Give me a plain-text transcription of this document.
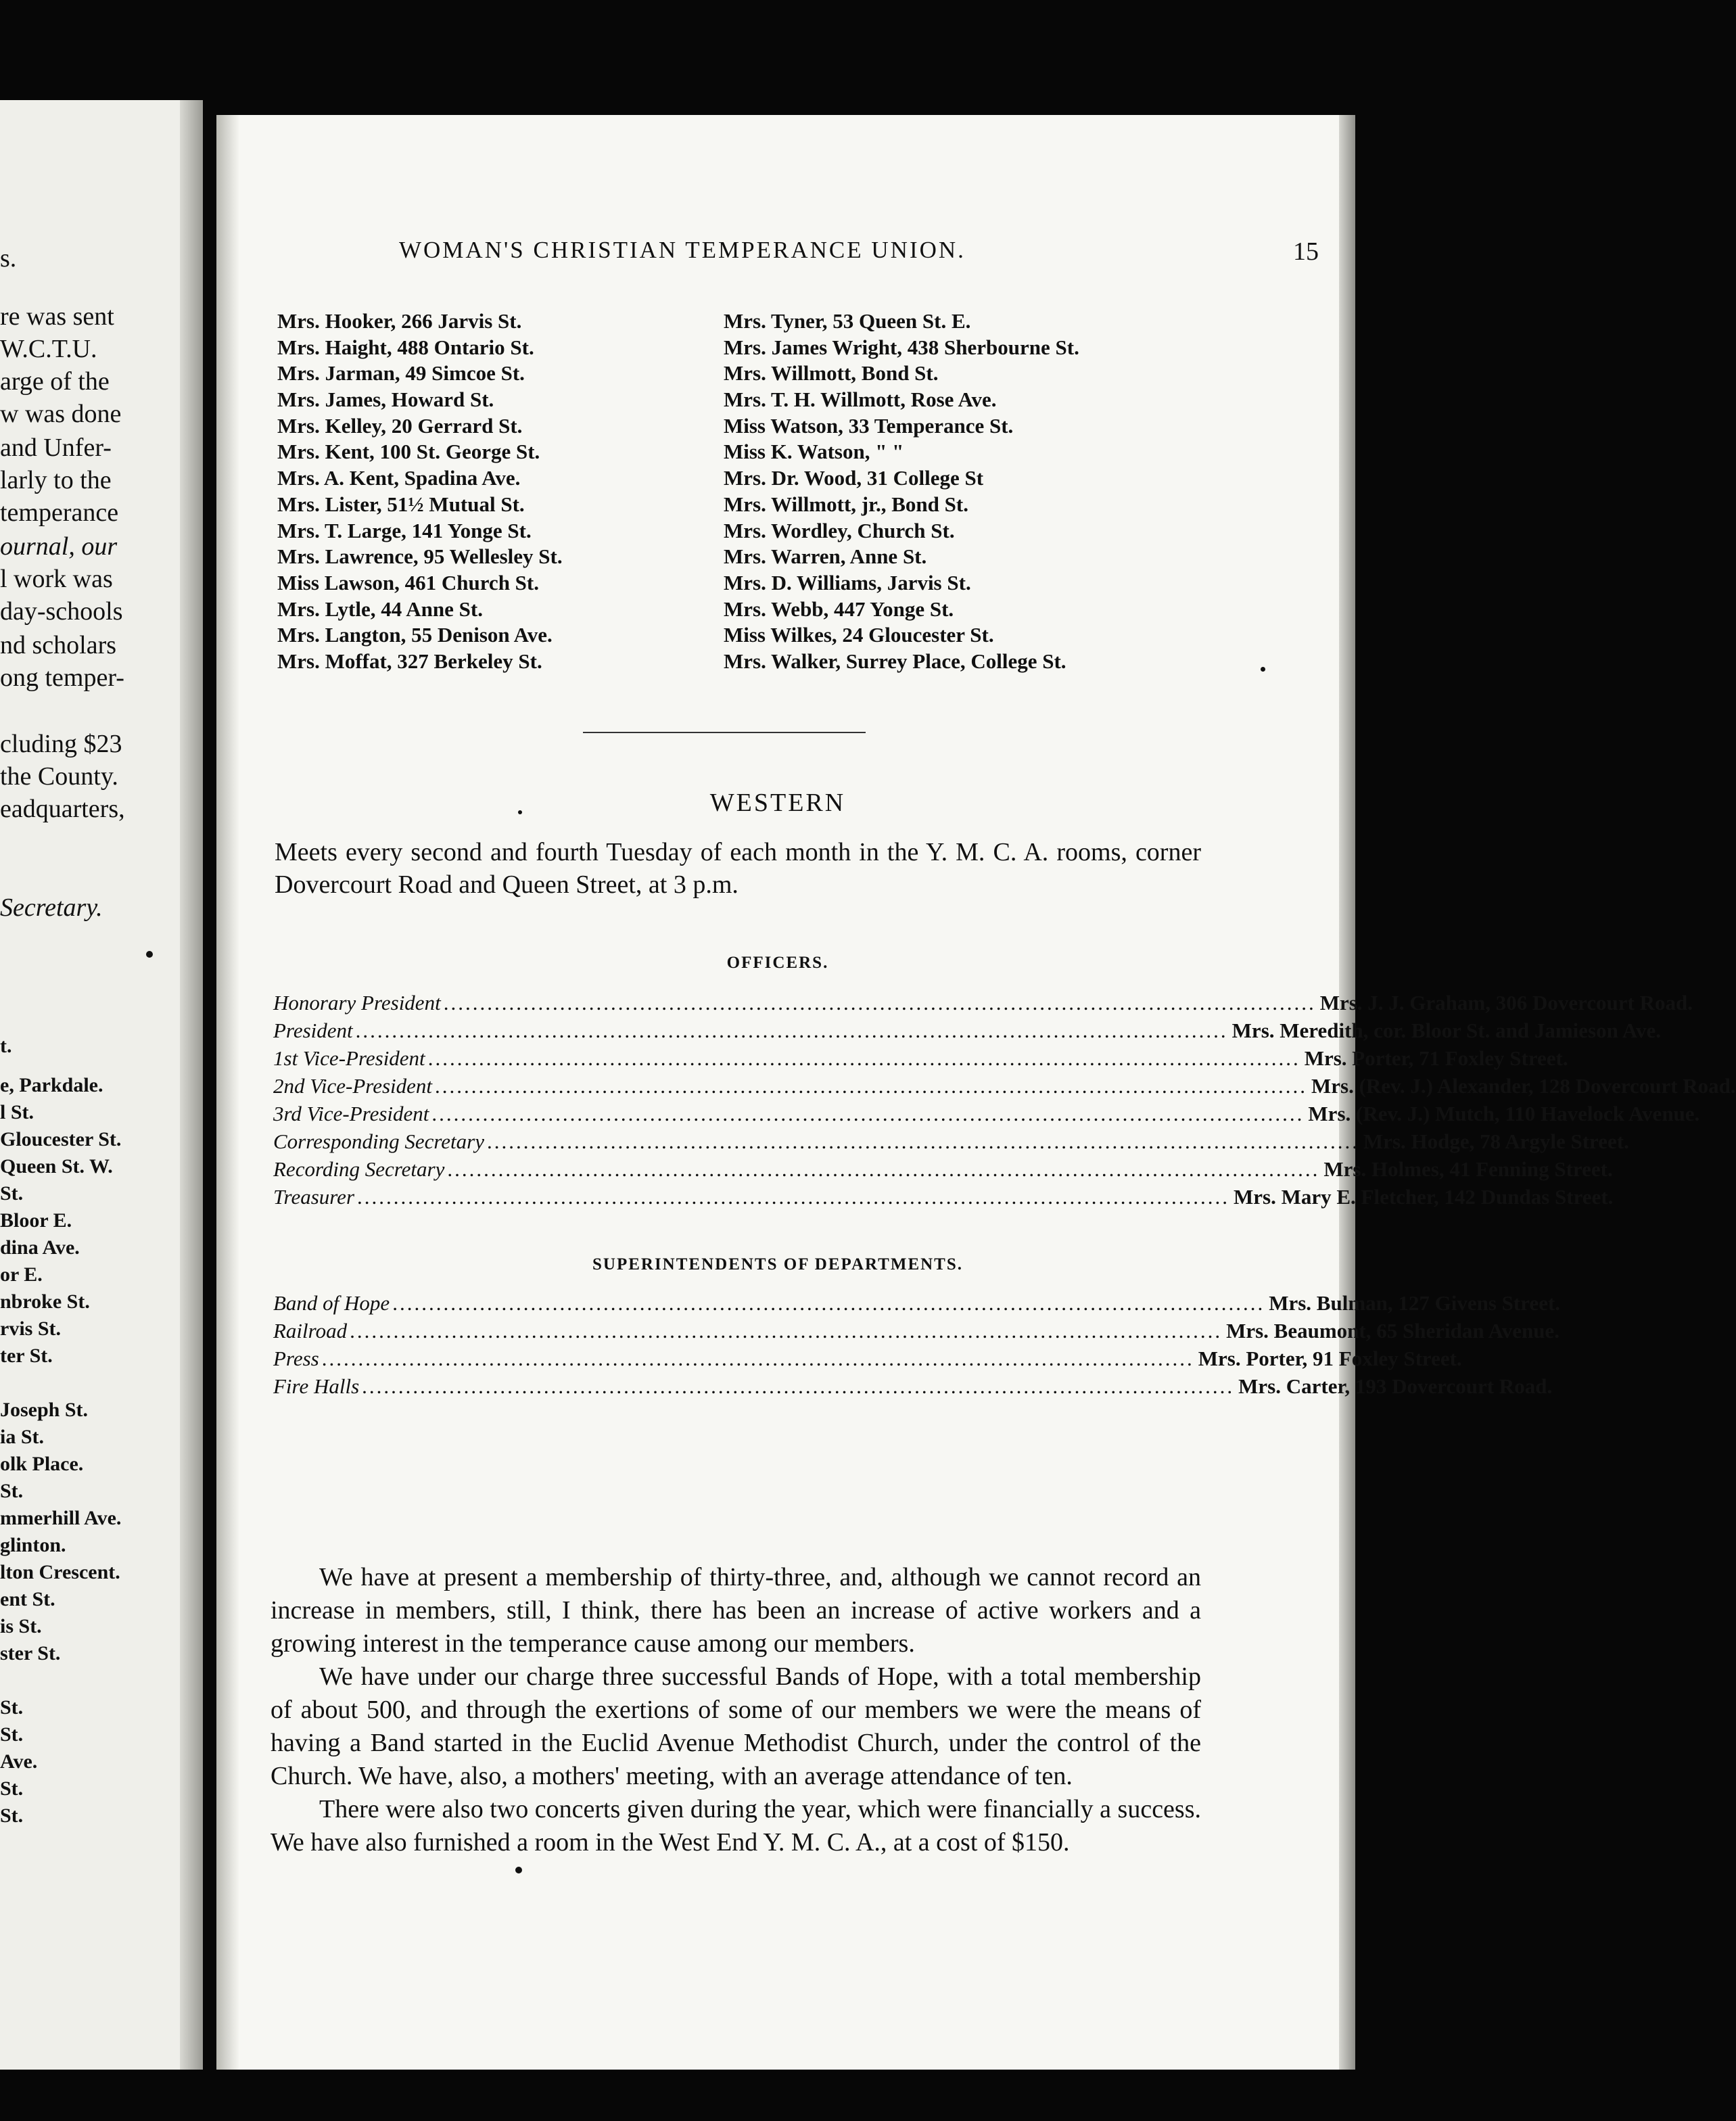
s.
re was sent
W.C.T.U.
arge of the
w was done
and Unfer-
larly to the
temperance
ournal, our
l work was
day-schools
nd scholars
ong temper-
cluding $23
the County.
eadquarters,
Secretary.
t.
e, Parkdale.
l St.
Gloucester St.
Queen St. W.
St.
Bloor E.
dina Ave.
or E.
nbroke St.
rvis St.
ter St.
Joseph St.
ia St.
olk Place.
St.
mmerhill Ave.
glinton.
lton Crescent.
ent St.
is St.
ster St.
St.
St.
Ave.
St.
St.
WOMAN'S CHRISTIAN TEMPERANCE UNION.	15
Mrs. Hooker, 266 Jarvis St.
Mrs. Haight, 488 Ontario St.
Mrs. Jarman, 49 Simcoe St.
Mrs. James, Howard St.
Mrs. Kelley, 20 Gerrard St.
Mrs. Kent, 100 St. George St.
Mrs. A. Kent, Spadina Ave.
Mrs. Lister, 51½ Mutual St.
Mrs. T. Large, 141 Yonge St.
Mrs. Lawrence, 95 Wellesley St.
Miss Lawson, 461 Church St.
Mrs. Lytle, 44 Anne St.
Mrs. Langton, 55 Denison Ave.
Mrs. Moffat, 327 Berkeley St.
Mrs. Tyner, 53 Queen St. E.
Mrs. James Wright, 438 Sherbourne St.
Mrs. Willmott, Bond St.
Mrs. T. H. Willmott, Rose Ave.
Miss Watson, 33 Temperance St.
Miss K. Watson, " "
Mrs. Dr. Wood, 31 College St
Mrs. Willmott, jr., Bond St.
Mrs. Wordley, Church St.
Mrs. Warren, Anne St.
Mrs. D. Williams, Jarvis St.
Mrs. Webb, 447 Yonge St.
Miss Wilkes, 24 Gloucester St.
Mrs. Walker, Surrey Place, College St.
WESTERN
Meets every second and fourth Tuesday of each month in the Y. M. C. A. rooms, corner Dovercourt Road and Queen Street, at 3 p.m.
OFFICERS.
Honorary President ........................................................................................................................ Mrs. J. J. Graham, 306 Dovercourt Road.
President ........................................................................................................................ Mrs. Meredith, cor. Bloor St. and Jamieson Ave.
1st Vice-President ........................................................................................................................ Mrs. Porter, 71 Foxley Street.
2nd Vice-President ........................................................................................................................ Mrs. (Rev. J.) Alexander, 128 Dovercourt Road.
3rd Vice-President ........................................................................................................................ Mrs. (Rev. J.) Mutch, 110 Havelock Avenue.
Corresponding Secretary ........................................................................................................................ Mrs. Hodge, 78 Argyle Street.
Recording Secretary ........................................................................................................................ Mrs. Holmes, 41 Fenning Street.
Treasurer ........................................................................................................................ Mrs. Mary E. Fletcher, 142 Dundas Street.
SUPERINTENDENTS OF DEPARTMENTS.
Band of Hope ........................................................................................................................ Mrs. Bulman, 127 Givens Street.
Railroad ........................................................................................................................ Mrs. Beaumont, 65 Sheridan Avenue.
Press ........................................................................................................................ Mrs. Porter, 91 Foxley Street.
Fire Halls ........................................................................................................................ Mrs. Carter, 193 Dovercourt Road.

We have at present a membership of thirty-three, and, although we cannot record an increase in members, still, I think, there has been an increase of active workers and a growing interest in the temperance cause among our members.

We have under our charge three successful Bands of Hope, with a total membership of about 500, and through the exertions of some of our members we were the means of having a Band started in the Euclid Avenue Methodist Church, under the control of the Church. We have, also, a mothers' meeting, with an average attendance of ten.

There were also two concerts given during the year, which were financially a success. We have also furnished a room in the West End Y. M. C. A., at a cost of $150.
